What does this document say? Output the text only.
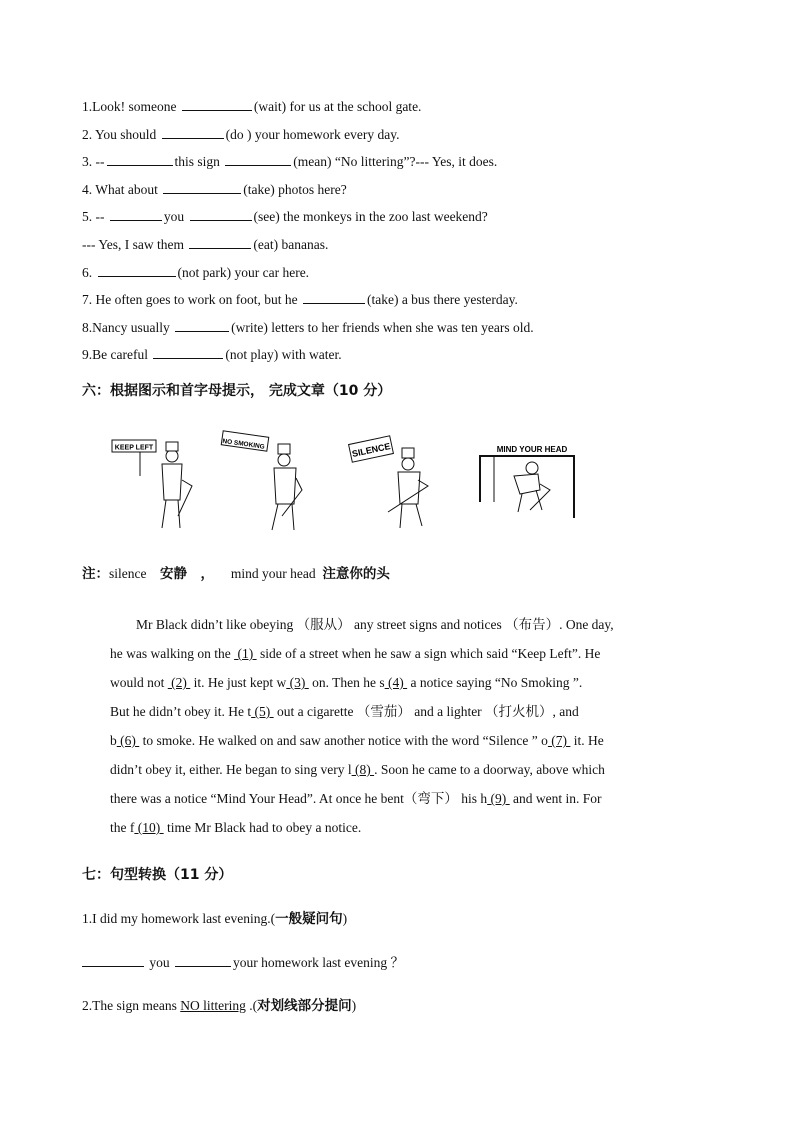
1.Look! someone	(wait) for us at the school gate.
2. You should	(do ) your homework every day.
3. --	this sign	(mean) “No littering”?--- Yes, it does.
4. What about	(take) photos here?
5. --	you	(see) the monkeys in the zoo last weekend?
--- Yes, I saw them	(eat) bananas.
6.	(not park) your car here.
7. He often goes to work on foot, but he	(take) a bus there yesterday.
8.Nancy usually	(write) letters to her friends when she was ten years old.
9.Be careful	(not play) with water.
六：根据图示和首字母提示， 完成文章（10 分）
KEEP LEFT	NO SMOKING	SILENCE	MIND YOUR HEAD
注：silence 安静 ， mind your head 注意你的头
Mr Black didn’t like obeying （服从） any street signs and notices （布告）. One day,
he was walking on the  (1)  side of a street when he saw a sign which said “Keep Left”. He
would not  (2)  it. He just kept w (3)  on. Then he s (4)  a notice saying “No Smoking ”.
But he didn’t obey it. He t (5)  out a cigarette （雪茄） and a lighter （打火机）, and
b (6)  to smoke. He walked on and saw another notice with the word “Silence ” o (7)  it. He
didn’t obey it, either. He began to sing very l (8) . Soon he came to a doorway, above which
there was a notice “Mind Your Head”. At once he bent（弯下） his h (9)  and went in. For
the f (10)  time Mr Black had to obey a notice.
七：句型转换（11 分）
1.I did my homework last evening.(一般疑问句)
you	your homework last evening ？
2.The sign means NO littering .(对划线部分提问)
